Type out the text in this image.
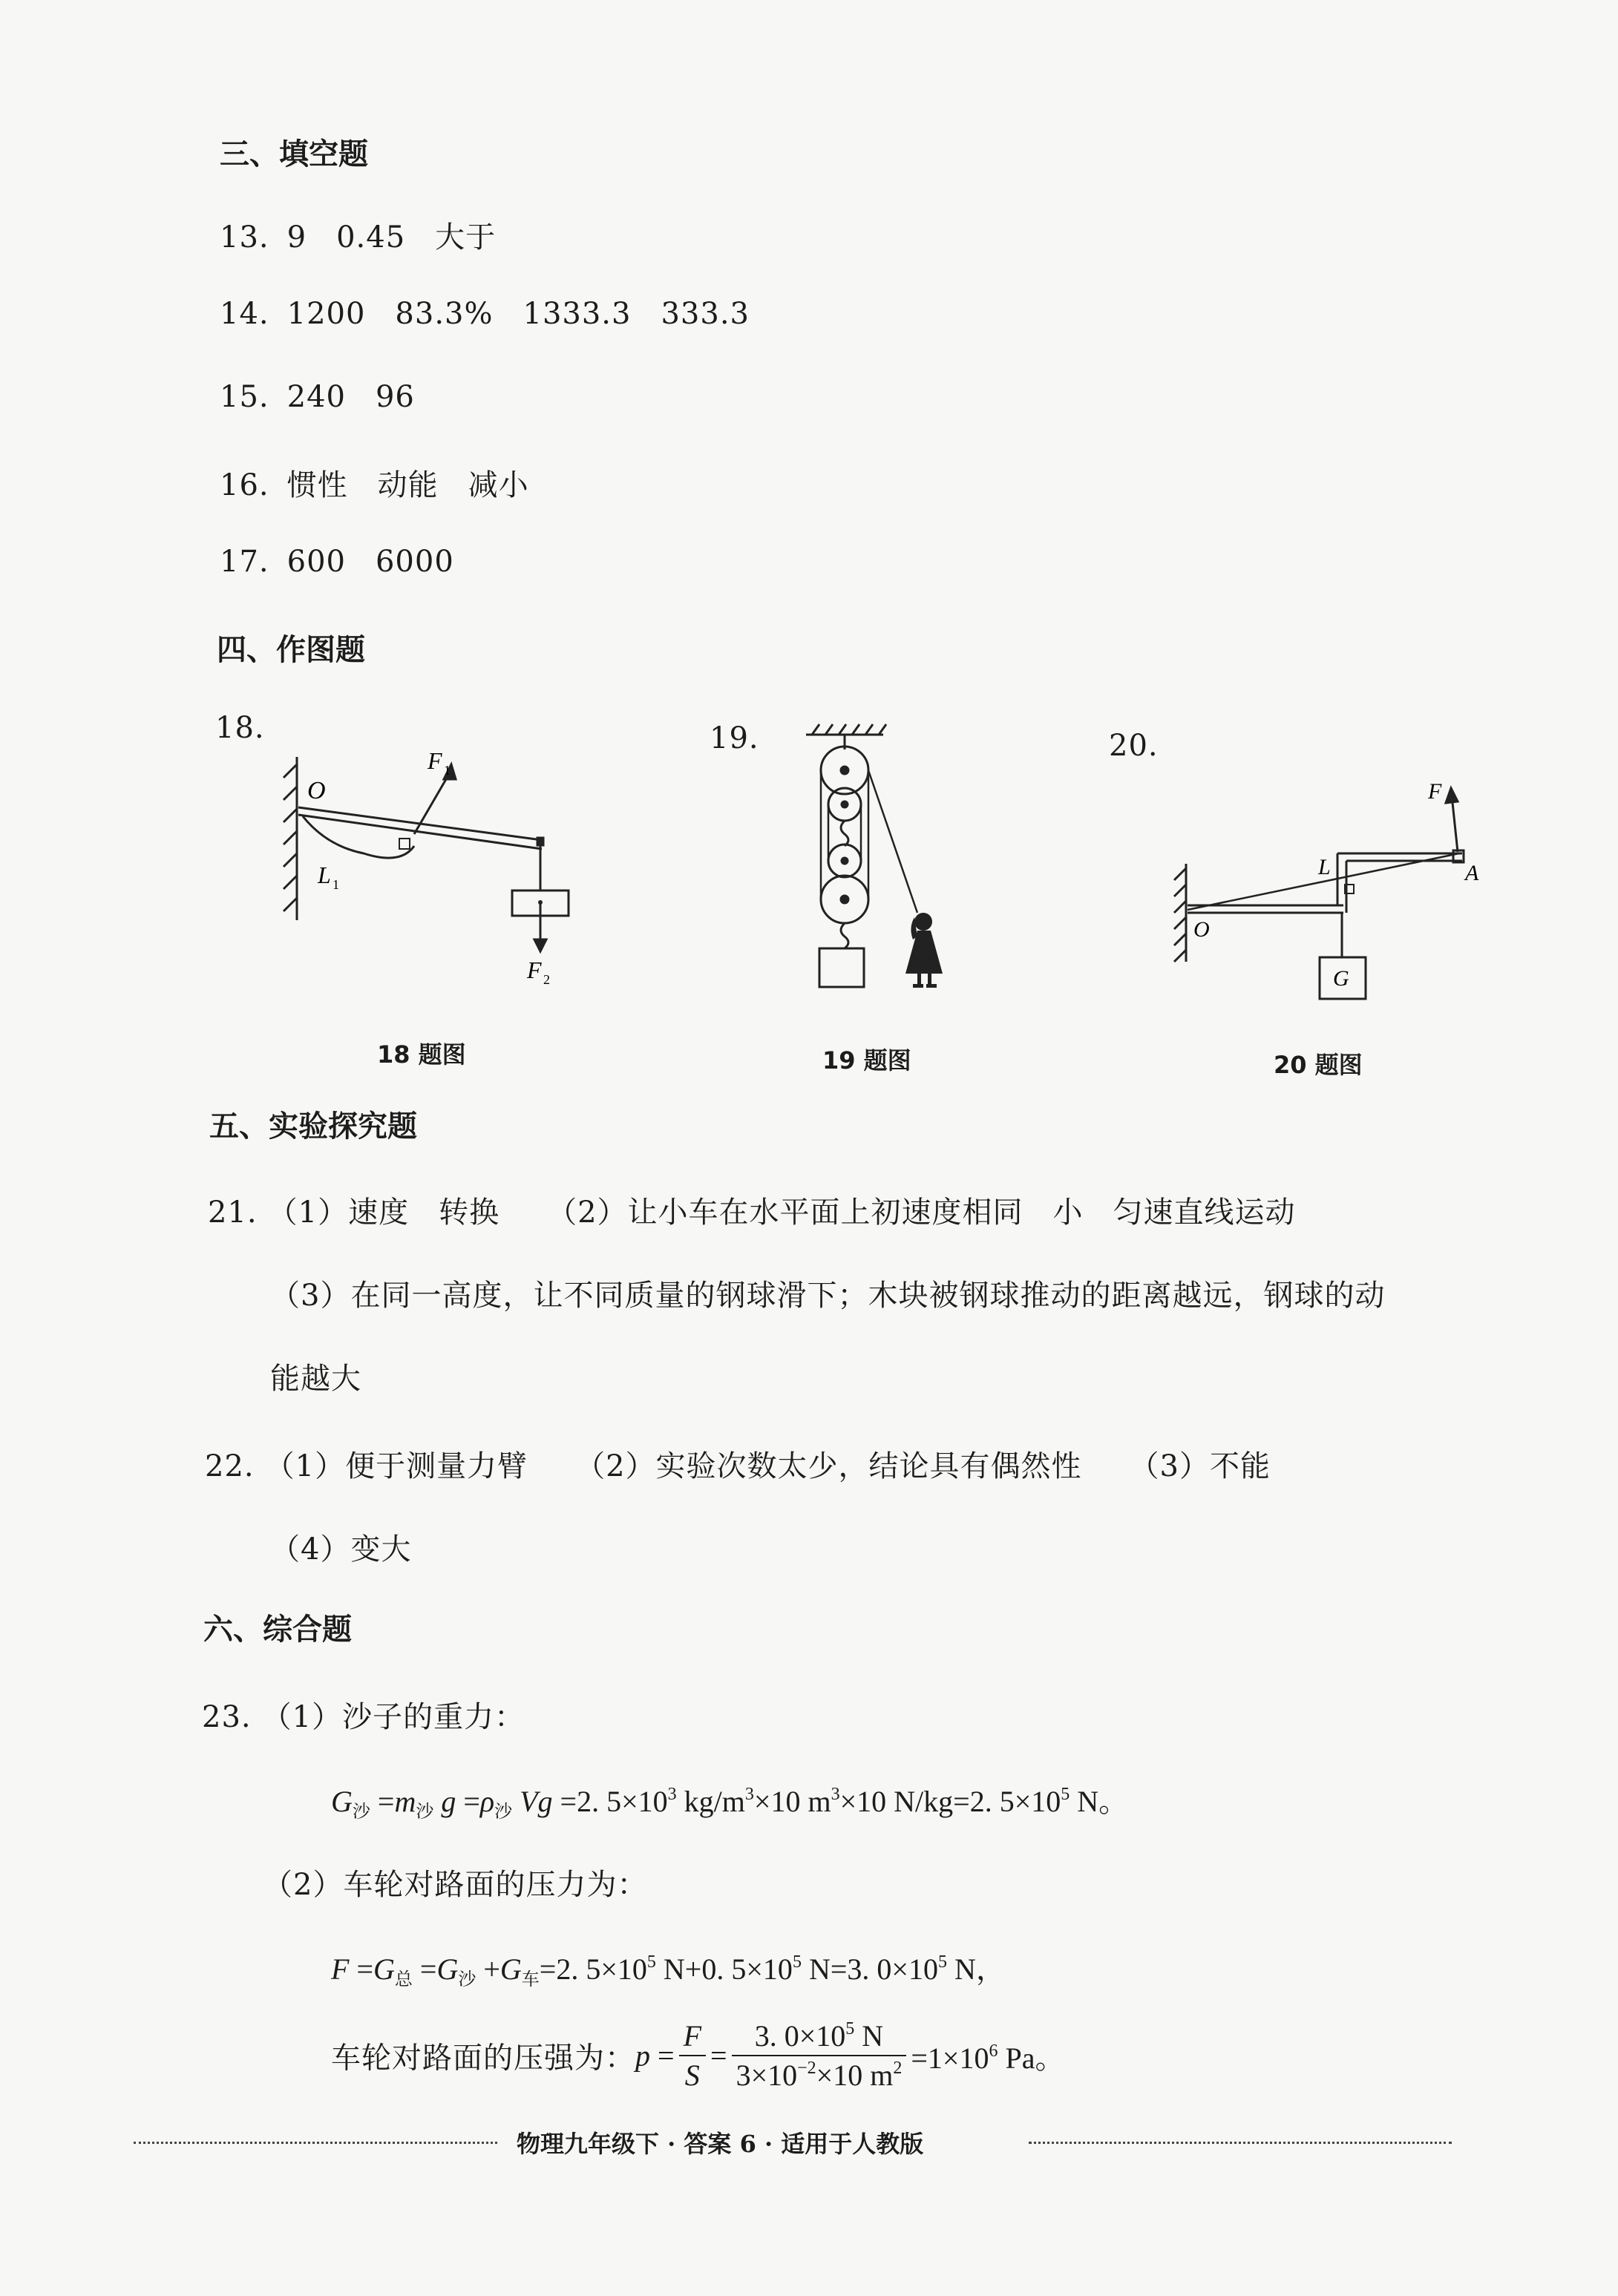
三、填空题
13. 9 0.45 大于
14. 1200 83.3% 1333.3 333.3
15. 240 96
16. 惯性 动能 减小
17. 600 6000
四、作图题
18.
O
F 1
L 1
F 2
18 题图
19.
19 题图
20.
F
L	A
O
G
20 题图
五、实验探究题
21. （1）速度 转换 （2）让小车在水平面上初速度相同 小 匀速直线运动
（3）在同一高度，让不同质量的钢球滑下；木块被钢球推动的距离越远，钢球的动
能越大
22. （1）便于测量力臂 （2）实验次数太少，结论具有偶然性 （3）不能
（4）变大
六、综合题
23. （1）沙子的重力：
$G_沙 =m_沙$ $g =\rho_沙$ Vg =2. $5\times 10^3$ $kg/m^3\times 10$ $m^3\times 10$ N/kg=2. $5\times 10^5$ N。
（2）车轮对路面的压力为：
$F =G_总 =G_沙 +G_车=2$. $5\times 10^5$ N+0. $5\times 10^5$ N=3. $0\times 10^5$ N，
车轮对路面的压强为：$p = \frac{F}{S} = \frac{3. 0\times 10^5 N}{3\times 10^{-2}\times 10 m^2} =1\times 10^6$ Pa。
物理九年级下 · 答案 6 · 适用于人教版
